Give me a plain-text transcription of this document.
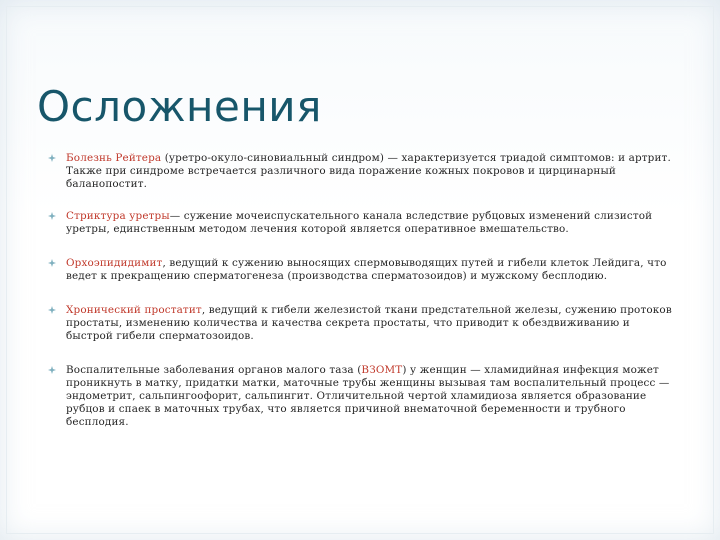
Осложнения
Болезнь Рейтера (уретро-окуло-синовиальный синдром) — характеризуется триадой симптомов: и артрит. Также при синдроме встречается различного вида поражение кожных покровов и цирцинарный баланопостит.
Стриктура уретры— сужение мочеиспускательного канала вследствие рубцовых изменений слизистой уретры, единственным методом лечения которой является оперативное вмешательство.
Орхоэпидидимит, ведущий к сужению выносящих спермовыводящих путей и гибели клеток Лейдига, что ведет к прекращению сперматогенеза (производства сперматозоидов) и мужскому бесплодию.
Хронический простатит, ведущий к гибели железистой ткани предстательной железы, сужению протоков простаты, изменению количества и качества секрета простаты, что приводит к обездвиживанию и быстрой гибели сперматозоидов.
Воспалительные заболевания органов малого таза (ВЗОМТ) у женщин — хламидийная инфекция может проникнуть в матку, придатки матки, маточные трубы женщины вызывая там воспалительный процесс — эндометрит, сальпингоофорит, сальпингит. Отличительной чертой хламидиоза является образование рубцов и спаек в маточных трубах, что является причиной внематочной беременности и трубного бесплодия.
